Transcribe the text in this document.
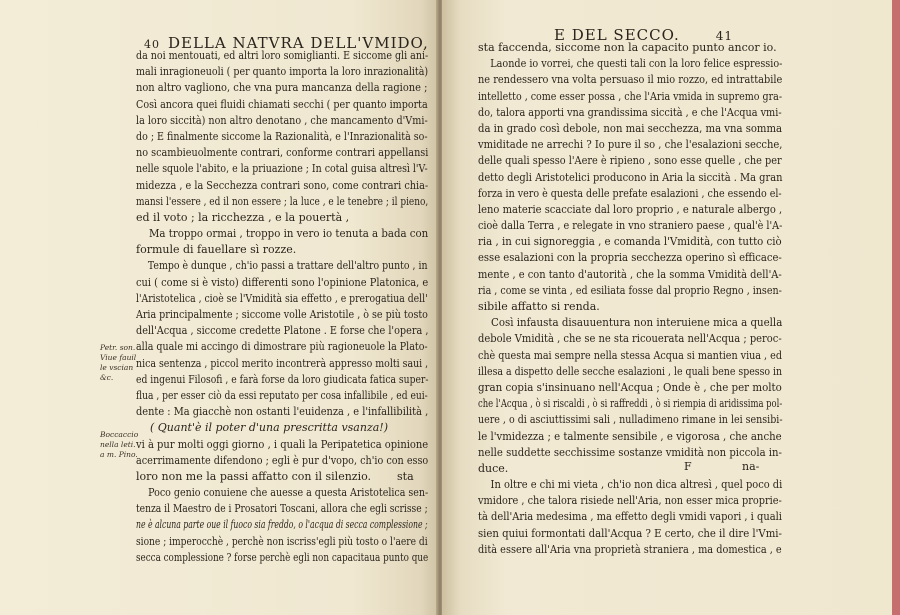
40 DELLA NATVRA DELL'VMIDO,
da noi mentouati, ed altri loro somiglianti. E siccome gli ani-
mali inragioneuoli ( per quanto importa la loro inrazionalità)
non altro vagliono, che vna pura mancanza della ragione ;
Così ancora quei fluidi chiamati secchi ( per quanto importa
la loro siccità) non altro denotano , che mancamento d'Vmi-
do ; E finalmente siccome la Razionalità, e l'Inrazionalità so-
no scambieuolmente contrari, conforme contrari appellansi
nelle squole l'abito, e la priuazione ; In cotal guisa altresì l'V-
midezza , e la Secchezza contrari sono, come contrari chia-
mansi l'essere , ed il non essere ; la luce , e le tenebre ; il pieno,
ed il voto ; la ricchezza , e la pouertà ,
Ma troppo ormai , troppo in vero io tenuta a bada con
formule di fauellare sì rozze.
Tempo è dunque , ch'io passi a trattare dell'altro punto , in
cui ( come si è visto) differenti sono l'opinione Platonica, e
l'Aristotelica , cioè se l'Vmidità sia effetto , e prerogatiua dell'
Aria principalmente ; siccome volle Aristotile , ò se più tosto
dell'Acqua , siccome credette Platone . E forse che l'opera ,
alla quale mi accingo di dimostrare più ragioneuole la Plato-
nica sentenza , piccol merito incontrerà appresso molti saui ,
ed ingenui Filosofi , e farà forse da loro giudicata fatica super-
flua , per esser ciò da essi reputato per cosa infallibile , ed eui-
dente : Ma giacchè non ostanti l'euidenza , e l'infallibilità ,
( Quant'è il poter d'una prescritta vsanza!)
vi à pur molti oggi giorno , i quali la Peripatetica opinione
acerrimamente difendono ; egli è pur d'vopo, ch'io con esso
loro non me la passi affatto con il silenzio.
Poco genio conuiene che auesse a questa Aristotelica sen-
tenza il Maestro de i Prosatori Toscani, allora che egli scrisse ;
ne è alcuna parte oue il fuoco sia freddo, o l'acqua di secca complessione ;
sione ; imperocchè , perchè non iscriss'egli più tosto o l'aere di
secca complessione ? forse perchè egli non capacitaua punto que
Petr. son.
Viue fauil
le vscian
&c.
Boccaccio
nella leti.
a m. Pino.
sta
E DEL SECCO.	41
sta faccenda, siccome non la capacito punto ancor io.
Laonde io vorrei, che questi tali con la loro felice espressio-
ne rendessero vna volta persuaso il mio rozzo, ed intrattabile
intelletto , come esser possa , che l'Aria vmida in supremo gra-
do, talora apporti vna grandissima siccità , e che l'Acqua vmi-
da in grado così debole, non mai secchezza, ma vna somma
vmiditade ne arrechi ? Io pure il so , che l'esalazioni secche,
delle quali spesso l'Aere è ripieno , sono esse quelle , che per
detto degli Aristotelici producono in Aria la siccità . Ma gran
forza in vero è questa delle prefate esalazioni , che essendo el-
leno materie scacciate dal loro proprio , e naturale albergo ,
cioè dalla Terra , e relegate in vno straniero paese , qual'è l'A-
ria , in cui signoreggia , e comanda l'Vmidità, con tutto ciò
esse esalazioni con la propria secchezza operino sì efficace-
mente , e con tanto d'autorità , che la somma Vmidità dell'A-
ria , come se vinta , ed esiliata fosse dal proprio Regno , insen-
sibile affatto si renda.
Così infausta disauuentura non interuiene mica a quella
debole Vmidità , che se ne sta ricouerata nell'Acqua ; peroc-
chè questa mai sempre nella stessa Acqua si mantien viua , ed
illesa a dispetto delle secche esalazioni , le quali bene spesso in
gran copia s'insinuano nell'Acqua ; Onde è , che per molto
che l'Acqua , ò si riscaldi , ò si raffreddi , ò si riempia di aridissima pol-
uere , o di asciuttissimi sali , nulladimeno rimane in lei sensibi-
le l'vmidezza ; e talmente sensibile , e vigorosa , che anche
nelle suddette secchissime sostanze vmidità non piccola in-
duce.
In oltre e chi mi vieta , ch'io non dica altresì , quel poco di
vmidore , che talora risiede nell'Aria, non esser mica proprie-
tà dell'Aria medesima , ma effetto degli vmidi vapori , i quali
sien quiui formontati dall'Acqua ? E certo, che il dire l'Vmi-
dità essere all'Aria vna proprietà straniera , ma domestica , e
F	na-
